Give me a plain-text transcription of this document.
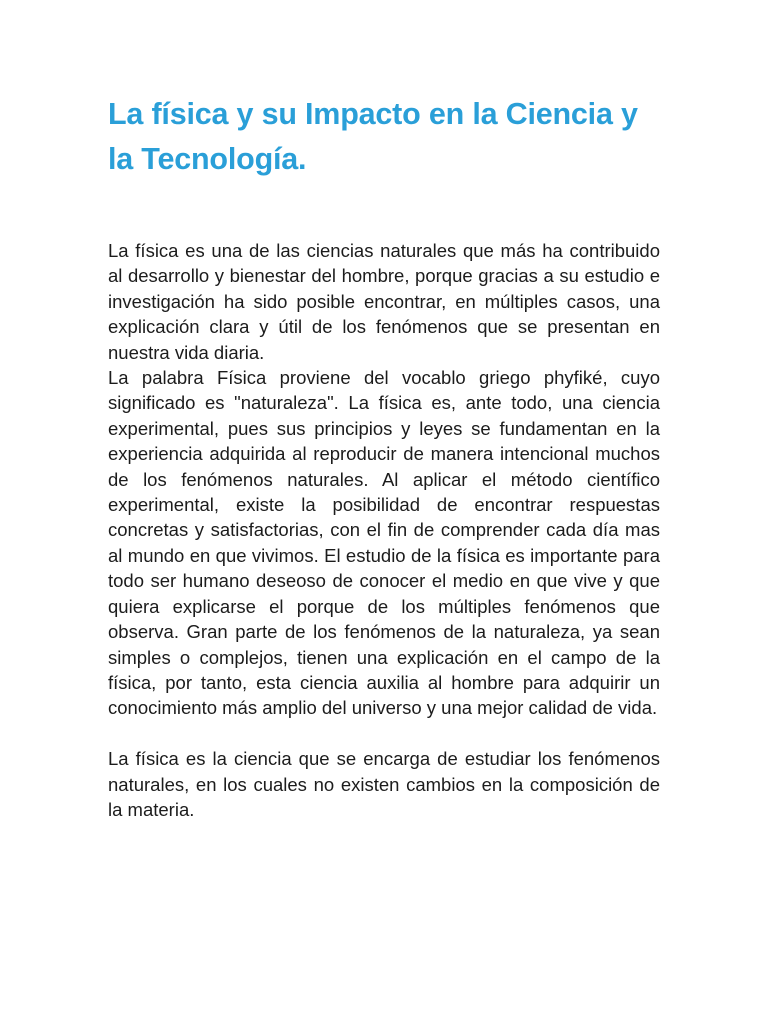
La física y su Impacto en la Ciencia y la Tecnología.

La física es una de las ciencias naturales que más ha contribuido al desarrollo y bienestar del hombre, porque gracias a su estudio e investigación ha sido posible encontrar, en múltiples casos, una explicación clara y útil de los fenómenos que se presentan en nuestra vida diaria.

La palabra Física proviene del vocablo griego phyfiké, cuyo significado es "naturaleza". La física es, ante todo, una ciencia experimental, pues sus principios y leyes se fundamentan en la experiencia adquirida al reproducir de manera intencional muchos de los fenómenos naturales. Al aplicar el método científico experimental, existe la posibilidad de encontrar respuestas concretas y satisfactorias, con el fin de comprender cada día mas al mundo en que vivimos. El estudio de la física es importante para todo ser humano deseoso de conocer el medio en que vive y que quiera explicarse el porque de los múltiples fenómenos que observa. Gran parte de los fenómenos de la naturaleza, ya sean simples o complejos, tienen una explicación en el campo de la física, por tanto, esta ciencia auxilia al hombre para adquirir un conocimiento más amplio del universo y una mejor calidad de vida.

La física es la ciencia que se encarga de estudiar los fenómenos naturales, en los cuales no existen cambios en la composición de la materia.
